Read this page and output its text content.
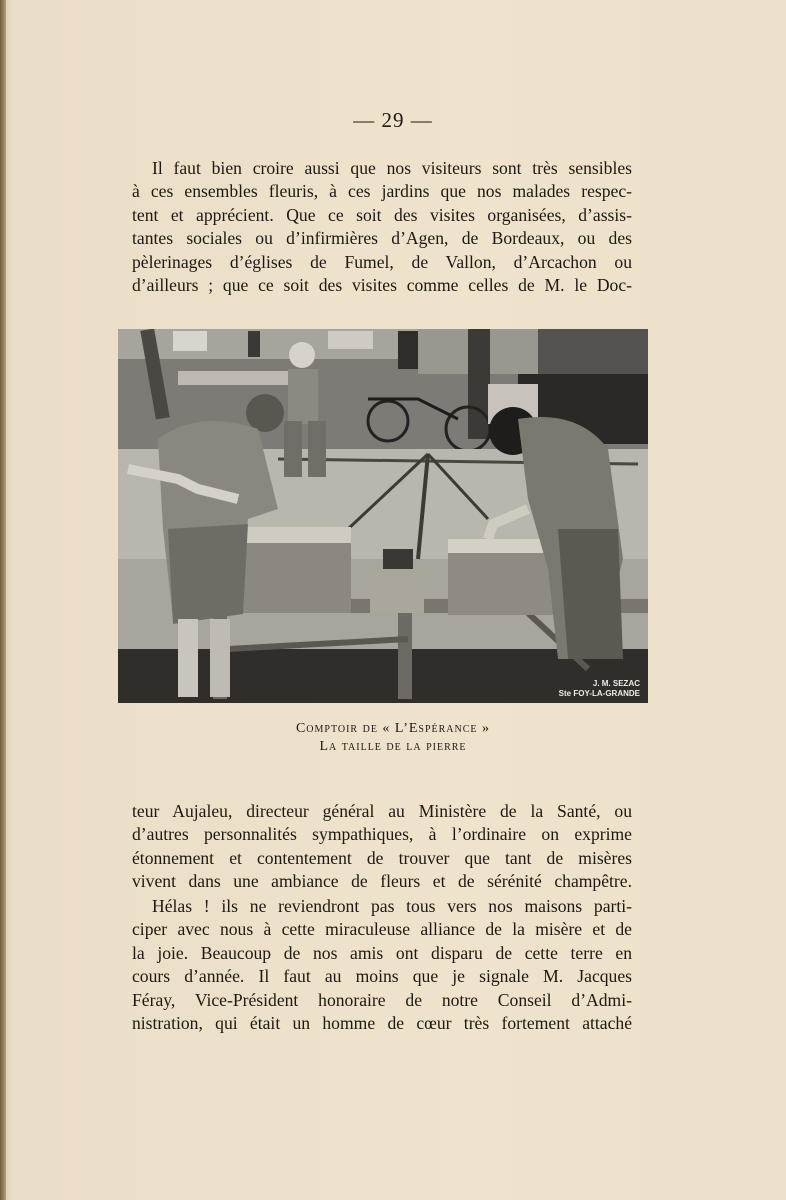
— 29 —
Il faut bien croire aussi que nos visiteurs sont très sensibles
à ces ensembles fleuris, à ces jardins que nos malades respec-
tent et apprécient. Que ce soit des visites organisées, d’assis-
tantes sociales ou d’infirmières d’Agen, de Bordeaux, ou des
pèlerinages d’églises de Fumel, de Vallon, d’Arcachon ou
d’ailleurs ; que ce soit des visites comme celles de M. le Doc-
J. M. SEZAC
Ste FOY-LA-GRANDE
Comptoir de « L’Espérance »
La taille de la pierre
teur Aujaleu, directeur général au Ministère de la Santé, ou
d’autres personnalités sympathiques, à l’ordinaire on exprime
étonnement et contentement de trouver que tant de misères
vivent dans une ambiance de fleurs et de sérénité champêtre.
Hélas ! ils ne reviendront pas tous vers nos maisons parti-
ciper avec nous à cette miraculeuse alliance de la misère et de
la joie. Beaucoup de nos amis ont disparu de cette terre en
cours d’année. Il faut au moins que je signale M. Jacques
Féray, Vice-Président honoraire de notre Conseil d’Admi-
nistration, qui était un homme de cœur très fortement attaché
